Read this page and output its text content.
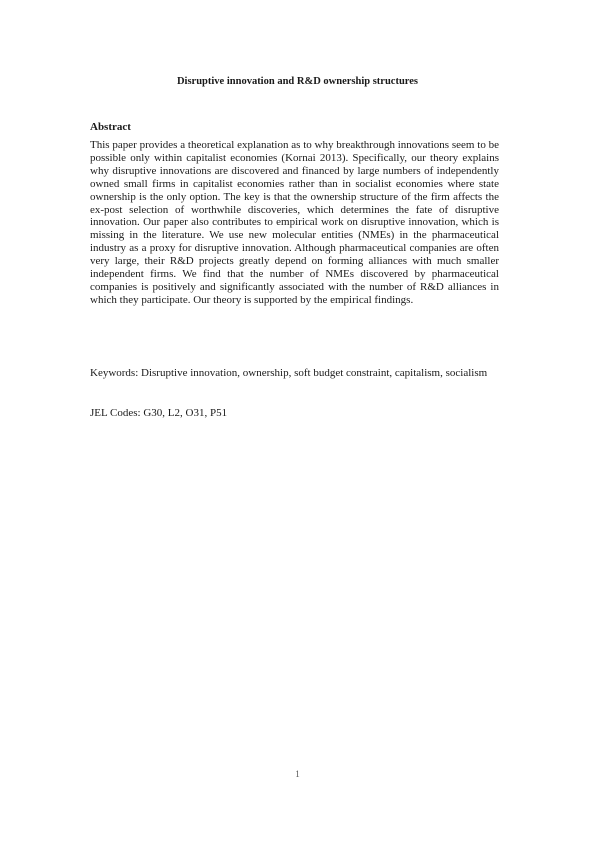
Disruptive innovation and R&D ownership structures
Abstract

This paper provides a theoretical explanation as to why breakthrough innovations seem to be possible only within capitalist economies (Kornai 2013). Specifically, our theory explains why disruptive innovations are discovered and financed by large numbers of independently owned small firms in capitalist economies rather than in socialist economies where state ownership is the only option. The key is that the ownership structure of the firm affects the ex-post selection of worthwhile discoveries, which determines the fate of disruptive innovation. Our paper also contributes to empirical work on disruptive innovation, which is missing in the literature. We use new molecular entities (NMEs) in the pharmaceutical industry as a proxy for disruptive innovation. Although pharmaceutical companies are often very large, their R&D projects greatly depend on forming alliances with much smaller independent firms. We find that the number of NMEs discovered by pharmaceutical companies is positively and significantly associated with the number of R&D alliances in which they participate. Our theory is supported by the empirical findings.

Keywords: Disruptive innovation, ownership, soft budget constraint, capitalism, socialism

JEL Codes: G30, L2, O31, P51

1
